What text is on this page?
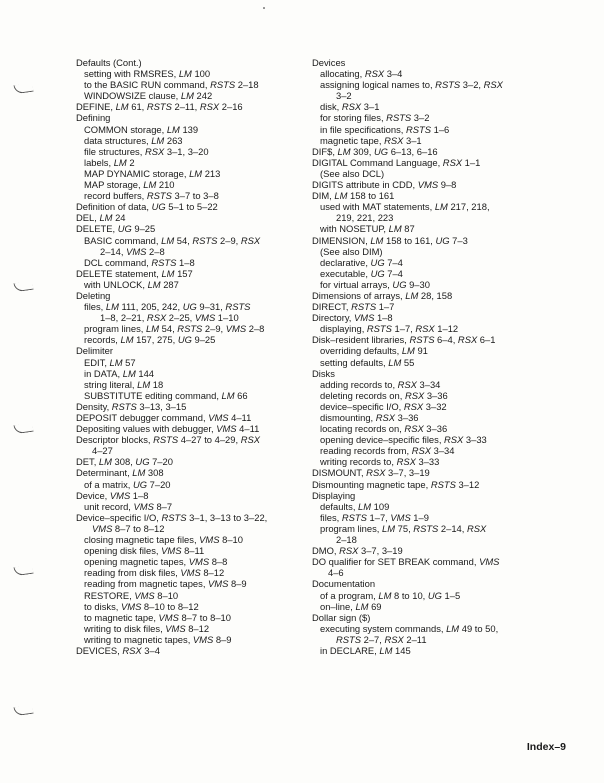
Defaults (Cont.)
setting with RMSRES, LM 100
to the BASIC RUN command, RSTS 2–18
WINDOWSIZE clause, LM 242
DEFINE, LM 61, RSTS 2–11, RSX 2–16
Defining
COMMON storage, LM 139
data structures, LM 263
file structures, RSX 3–1, 3–20
labels, LM 2
MAP DYNAMIC storage, LM 213
MAP storage, LM 210
record buffers, RSTS 3–7 to 3–8
Definition of data, UG 5–1 to 5–22
DEL, LM 24
DELETE, UG 9–25
BASIC command, LM 54, RSTS 2–9, RSX
2–14, VMS 2–8
DCL command, RSTS 1–8
DELETE statement, LM 157
with UNLOCK, LM 287
Deleting
files, LM 111, 205, 242, UG 9–31, RSTS
1–8, 2–21, RSX 2–25, VMS 1–10
program lines, LM 54, RSTS 2–9, VMS 2–8
records, LM 157, 275, UG 9–25
Delimiter
EDIT, LM 57
in DATA, LM 144
string literal, LM 18
SUBSTITUTE editing command, LM 66
Density, RSTS 3–13, 3–15
DEPOSIT debugger command, VMS 4–11
Depositing values with debugger, VMS 4–11
Descriptor blocks, RSTS 4–27 to 4–29, RSX
4–27
DET, LM 308, UG 7–20
Determinant, LM 308
of a matrix, UG 7–20
Device, VMS 1–8
unit record, VMS 8–7
Device–specific I/O, RSTS 3–1, 3–13 to 3–22,
VMS 8–7 to 8–12
closing magnetic tape files, VMS 8–10
opening disk files, VMS 8–11
opening magnetic tapes, VMS 8–8
reading from disk files, VMS 8–12
reading from magnetic tapes, VMS 8–9
RESTORE, VMS 8–10
to disks, VMS 8–10 to 8–12
to magnetic tape, VMS 8–7 to 8–10
writing to disk files, VMS 8–12
writing to magnetic tapes, VMS 8–9
DEVICES, RSX 3–4
Devices
allocating, RSX 3–4
assigning logical names to, RSTS 3–2, RSX
3–2
disk, RSX 3–1
for storing files, RSTS 3–2
in file specifications, RSTS 1–6
magnetic tape, RSX 3–1
DIF$, LM 309, UG 6–13, 6–16
DIGITAL Command Language, RSX 1–1
(See also DCL)
DIGITS attribute in CDD, VMS 9–8
DIM, LM 158 to 161
used with MAT statements, LM 217, 218,
219, 221, 223
with NOSETUP, LM 87
DIMENSION, LM 158 to 161, UG 7–3
(See also DIM)
declarative, UG 7–4
executable, UG 7–4
for virtual arrays, UG 9–30
Dimensions of arrays, LM 28, 158
DIRECT, RSTS 1–7
Directory, VMS 1–8
displaying, RSTS 1–7, RSX 1–12
Disk–resident libraries, RSTS 6–4, RSX 6–1
overriding defaults, LM 91
setting defaults, LM 55
Disks
adding records to, RSX 3–34
deleting records on, RSX 3–36
device–specific I/O, RSX 3–32
dismounting, RSX 3–36
locating records on, RSX 3–36
opening device–specific files, RSX 3–33
reading records from, RSX 3–34
writing records to, RSX 3–33
DISMOUNT, RSX 3–7, 3–19
Dismounting magnetic tape, RSTS 3–12
Displaying
defaults, LM 109
files, RSTS 1–7, VMS 1–9
program lines, LM 75, RSTS 2–14, RSX
2–18
DMO, RSX 3–7, 3–19
DO qualifier for SET BREAK command, VMS
4–6
Documentation
of a program, LM 8 to 10, UG 1–5
on–line, LM 69
Dollar sign ($)
executing system commands, LM 49 to 50,
RSTS 2–7, RSX 2–11
in DECLARE, LM 145
Index–9
